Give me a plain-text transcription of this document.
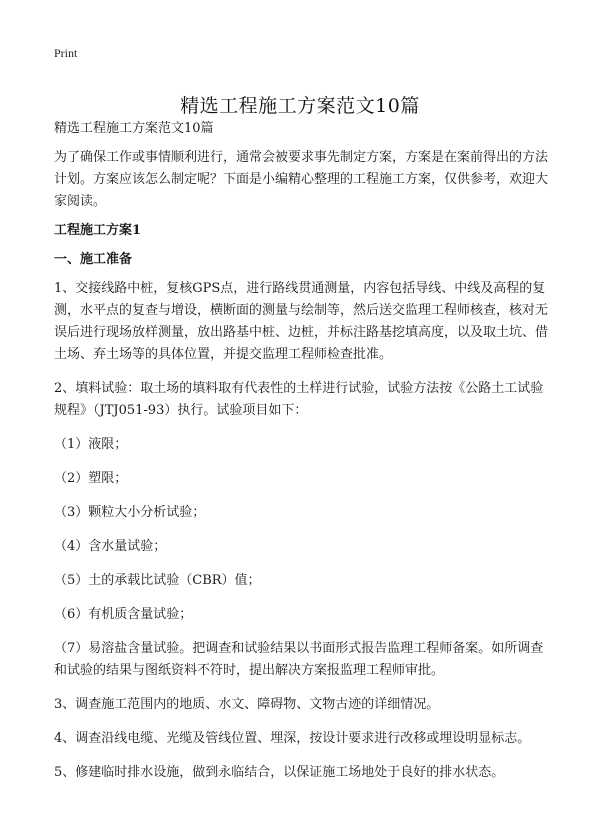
Print
精选工程施工方案范文10篇

精选工程施工方案范文10篇

为了确保工作或事情顺利进行，通常会被要求事先制定方案，方案是在案前得出的方法计划。方案应该怎么制定呢？下面是小编精心整理的工程施工方案，仅供参考，欢迎大家阅读。

工程施工方案1

一、施工准备

1、交接线路中桩，复核GPS点，进行路线贯通测量，内容包括导线、中线及高程的复测，水平点的复查与增设，横断面的测量与绘制等，然后送交监理工程师核查，核对无误后进行现场放样测量，放出路基中桩、边桩，并标注路基挖填高度，以及取土坑、借土场、弃土场等的具体位置，并提交监理工程师检查批准。

2、填料试验：取土场的填料取有代表性的土样进行试验，试验方法按《公路土工试验规程》（JTJ051-93）执行。试验项目如下：

（1）液限；

（2）塑限；

（3）颗粒大小分析试验；

（4）含水量试验；

（5）土的承载比试验（CBR）值；

（6）有机质含量试验；

（7）易溶盐含量试验。把调查和试验结果以书面形式报告监理工程师备案。如所调查和试验的结果与图纸资料不符时，提出解决方案报监理工程师审批。

3、调查施工范围内的地质、水文、障碍物、文物古迹的详细情况。

4、调查沿线电缆、光缆及管线位置、埋深，按设计要求进行改移或埋设明显标志。

5、修建临时排水设施，做到永临结合，以保证施工场地处于良好的排水状态。
